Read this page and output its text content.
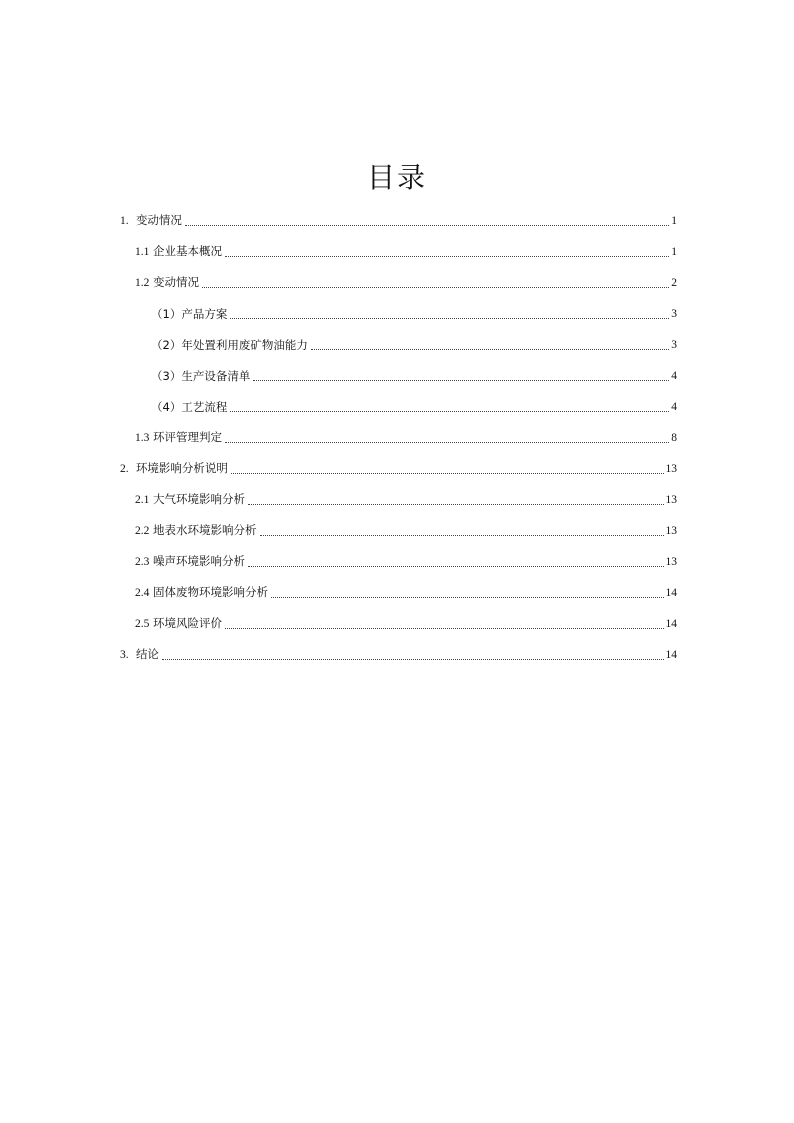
目录
1. 变动情况	1
1.1 企业基本概况	1
1.2 变动情况	2
（1）产品方案	3
（2）年处置利用废矿物油能力	3
（3）生产设备清单	4
（4）工艺流程	4
1.3 环评管理判定	8
2. 环境影响分析说明	13
2.1 大气环境影响分析	13
2.2 地表水环境影响分析	13
2.3 噪声环境影响分析	13
2.4 固体废物环境影响分析	14
2.5 环境风险评价	14
3. 结论	14
